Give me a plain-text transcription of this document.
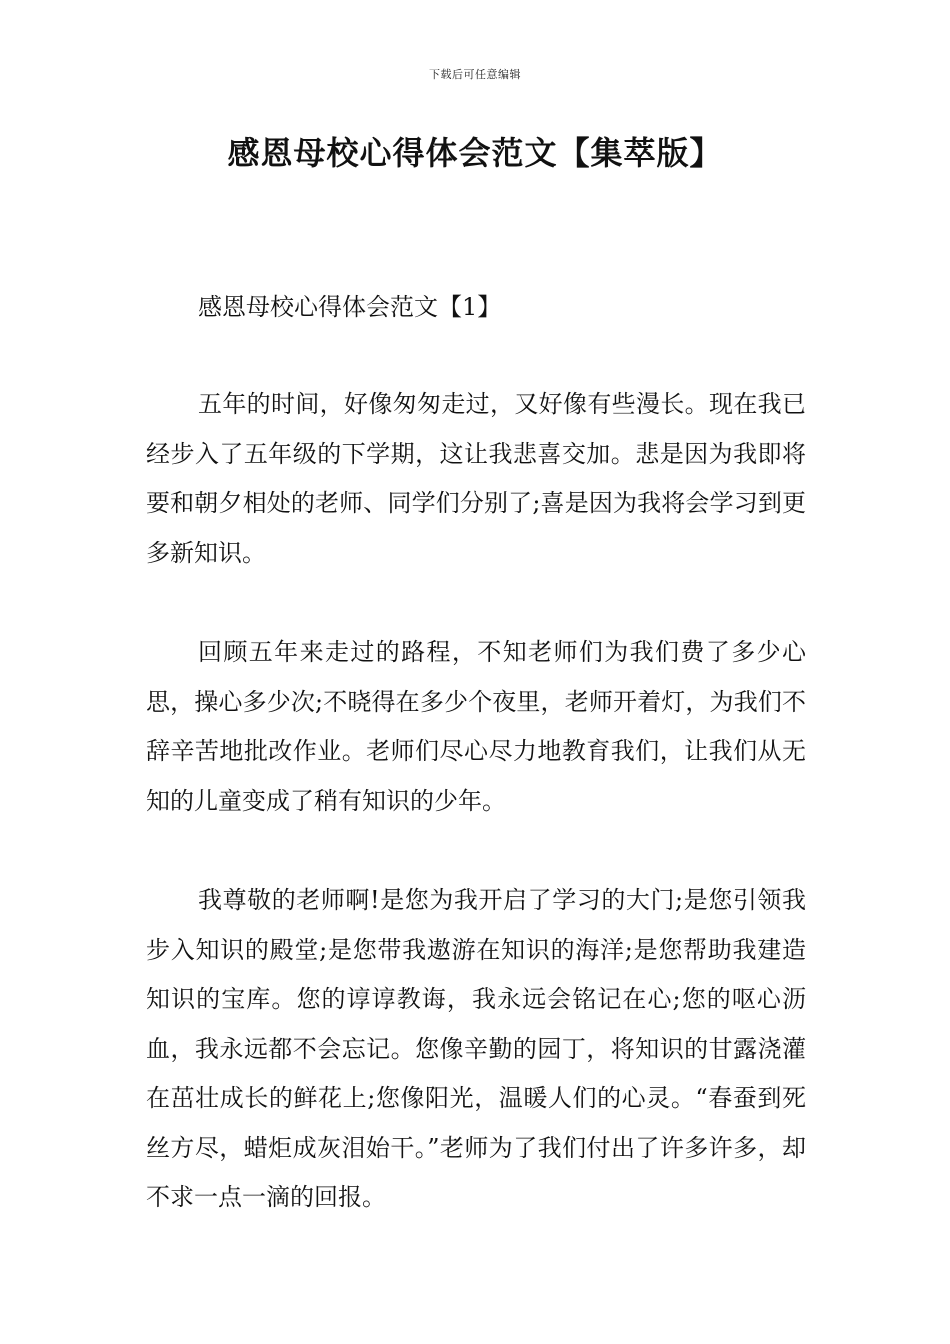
下载后可任意编辑
感恩母校心得体会范文【集萃版】

感恩母校心得体会范文【1】

五年的时间，好像匆匆走过，又好像有些漫长。现在我已经步入了五年级的下学期，这让我悲喜交加。悲是因为我即将要和朝夕相处的老师、同学们分别了;喜是因为我将会学习到更多新知识。

回顾五年来走过的路程，不知老师们为我们费了多少心思，操心多少次;不晓得在多少个夜里，老师开着灯，为我们不辞辛苦地批改作业。老师们尽心尽力地教育我们，让我们从无知的儿童变成了稍有知识的少年。

我尊敬的老师啊!是您为我开启了学习的大门;是您引领我步入知识的殿堂;是您带我遨游在知识的海洋;是您帮助我建造知识的宝库。您的谆谆教诲，我永远会铭记在心;您的呕心沥血，我永远都不会忘记。您像辛勤的园丁，将知识的甘露浇灌在茁壮成长的鲜花上;您像阳光，温暖人们的心灵。“春蚕到死丝方尽，蜡炬成灰泪始干。”老师为了我们付出了许多许多，却不求一点一滴的回报。
